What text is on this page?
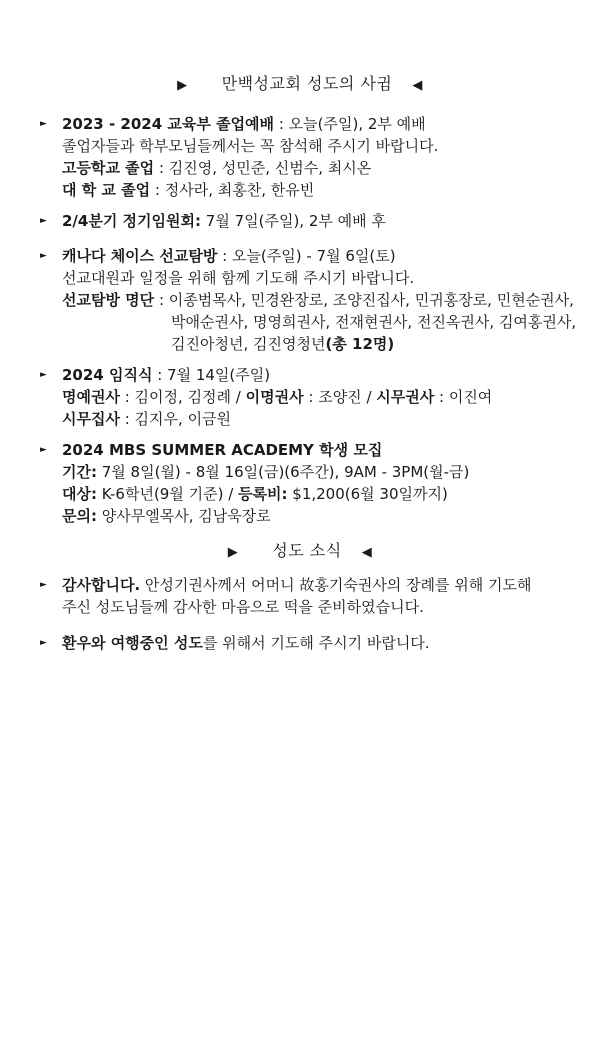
▶ 만백성교회 성도의 사귐 ◀
► 2023 - 2024 교육부 졸업예배 : 오늘(주일), 2부 예배
졸업자들과 학부모님들께서는 꼭 참석해 주시기 바랍니다.
고등학교 졸업 : 김진영, 성민준, 신범수, 최시온
대 학 교 졸업 : 정사라, 최홍찬, 한유빈
► 2/4분기 정기임원회: 7월 7일(주일), 2부 예배 후
► 캐나다 체이스 선교탐방 : 오늘(주일) - 7월 6일(토)
선교대원과 일정을 위해 함께 기도해 주시기 바랍니다.
선교탐방 명단 : 이종범목사, 민경완장로, 조양진집사, 민귀홍장로, 민현순권사,
박애순권사, 명영희권사, 전재현권사, 전진옥권사, 김여홍권사,
김진아청년, 김진영청년(총 12명)
► 2024 임직식 : 7월 14일(주일)
명예권사 : 김이정, 김정례 / 이명권사 : 조양진 / 시무권사 : 이진여
시무집사 : 김지우, 이금원
► 2024 MBS SUMMER ACADEMY 학생 모집
기간: 7월 8일(월) - 8월 16일(금)(6주간), 9AM - 3PM(월-금)
대상: K-6학년(9월 기준) / 등록비: $1,200(6월 30일까지)
문의: 양사무엘목사, 김남욱장로
▶ 성도 소식 ◀
► 감사합니다. 안성기권사께서 어머니 故홍기숙권사의 장례를 위해 기도해
주신 성도님들께 감사한 마음으로 떡을 준비하였습니다.
► 환우와 여행중인 성도를 위해서 기도해 주시기 바랍니다.
